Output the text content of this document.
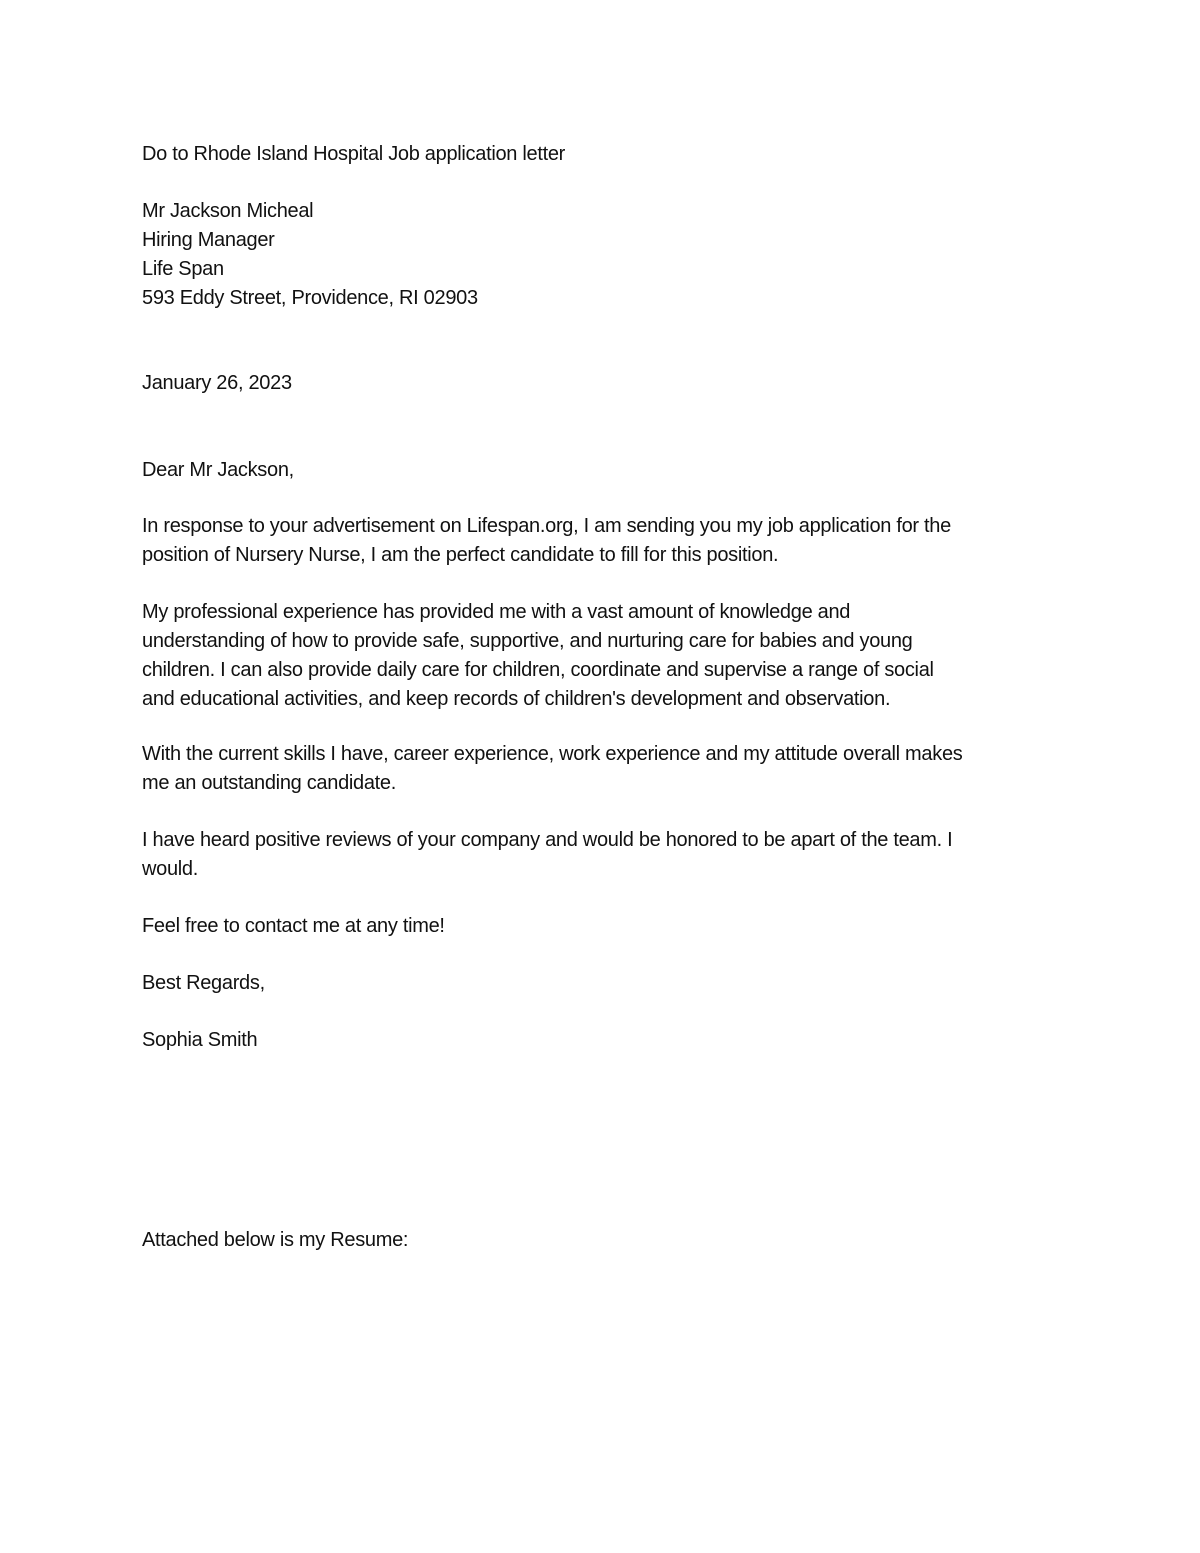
Do to Rhode Island Hospital Job application letter
Mr Jackson Micheal
Hiring Manager
Life Span
593 Eddy Street, Providence, RI 02903
January 26, 2023
Dear Mr Jackson,
In response to your advertisement on Lifespan.org, I am sending you my job application for the
position of Nursery Nurse, I am the perfect candidate to fill for this position.
My professional experience has provided me with a vast amount of knowledge and
understanding of how to provide safe, supportive, and nurturing care for babies and young
children. I can also provide daily care for children, coordinate and supervise a range of social
and educational activities, and keep records of children's development and observation.
With the current skills I have, career experience, work experience and my attitude overall makes
me an outstanding candidate.
I have heard positive reviews of your company and would be honored to be apart of the team. I
would.
Feel free to contact me at any time!
Best Regards,
Sophia Smith
Attached below is my Resume:
